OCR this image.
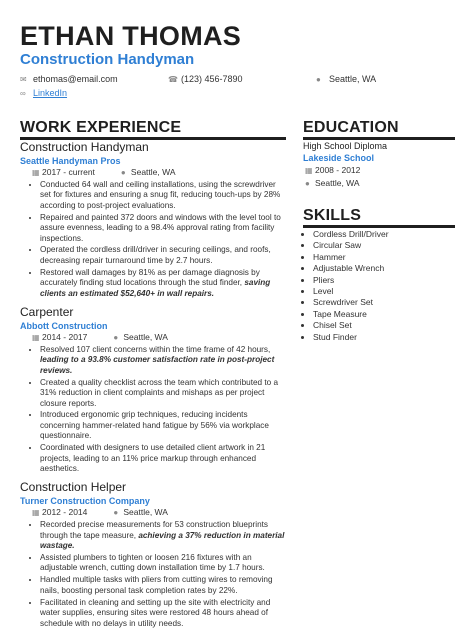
ETHAN THOMAS
Construction Handyman
✉ ethomas@email.com	☎ (123) 456-7890	● Seattle, WA
∞ LinkedIn
WORK EXPERIENCE
Construction Handyman
Seattle Handyman Pros
▦ 2017 - current	● Seattle, WA
• Conducted 64 wall and ceiling installations, using the screwdriver set for fixtures and ensuring a snug fit, reducing touch-ups by 28% according to post-project evaluations.
• Repaired and painted 372 doors and windows with the level tool to assure evenness, leading to a 98.4% approval rating from facility inspections.
• Operated the cordless drill/driver in securing ceilings, and roofs, decreasing repair turnaround time by 2.7 hours.
• Restored wall damages by 81% as per damage diagnosis by accurately finding stud locations through the stud finder, saving clients an estimated $52,640+ in wall repairs.
Carpenter
Abbott Construction
▦ 2014 - 2017	● Seattle, WA
• Resolved 107 client concerns within the time frame of 42 hours, leading to a 93.8% customer satisfaction rate in post-project reviews.
• Created a quality checklist across the team which contributed to a 31% reduction in client complaints and mishaps as per project closure reports.
• Introduced ergonomic grip techniques, reducing incidents concerning hammer-related hand fatigue by 56% via workplace questionnaire.
• Coordinated with designers to use detailed client artwork in 21 projects, leading to an 11% price markup through enhanced aesthetics.
Construction Helper
Turner Construction Company
▦ 2012 - 2014	● Seattle, WA
• Recorded precise measurements for 53 construction blueprints through the tape measure, achieving a 37% reduction in material wastage.
• Assisted plumbers to tighten or loosen 216 fixtures with an adjustable wrench, cutting down installation time by 1.7 hours.
• Handled multiple tasks with pliers from cutting wires to removing nails, boosting personal task completion rates by 22%.
• Facilitated in cleaning and setting up the site with electricity and water supplies, ensuring sites were restored 48 hours ahead of schedule with no delays in utility needs.
EDUCATION
High School Diploma
Lakeside School
▦ 2008 - 2012
● Seattle, WA
SKILLS
• Cordless Drill/Driver
• Circular Saw
• Hammer
• Adjustable Wrench
• Pliers
• Level
• Screwdriver Set
• Tape Measure
• Chisel Set
• Stud Finder
